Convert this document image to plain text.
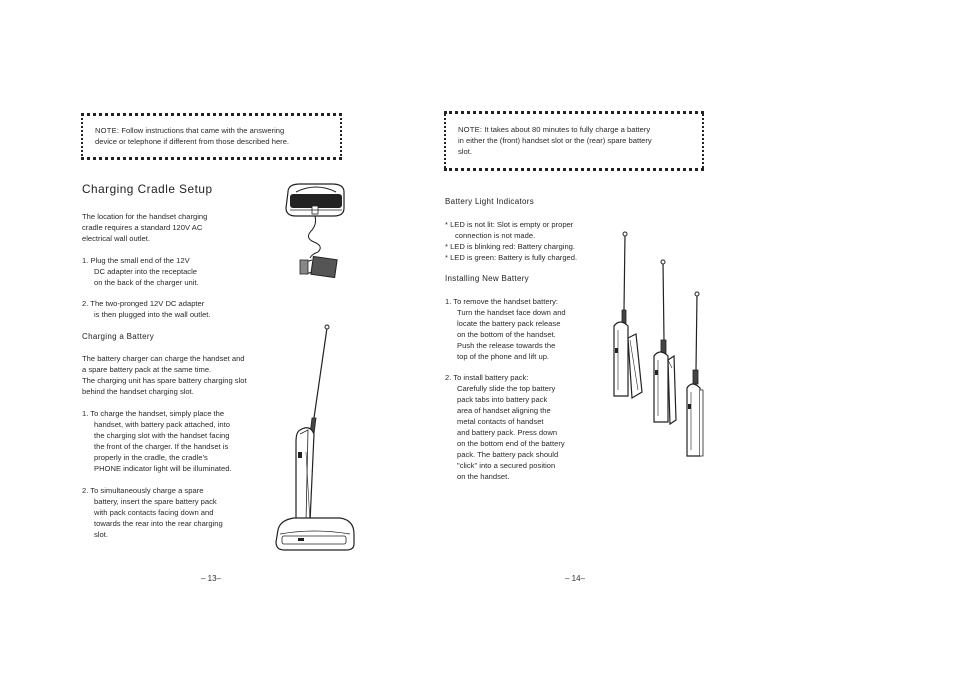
NOTE: Follow instructions that came with the answering
device or telephone if different from those described here.
Charging Cradle Setup
The location for the handset charging
cradle requires a standard 120V AC
electrical wall outlet.
1. Plug the small end of the 12V
DC adapter into the receptacle
on the back of the charger unit.
2. The two-pronged 12V DC adapter
is then plugged into the wall outlet.
Charging a Battery
The battery charger can charge the handset and
a spare battery pack at the same time.
The charging unit has spare battery charging slot
behind the handset charging slot.
1. To charge the handset, simply place the
handset, with battery pack attached, into
the charging slot with the handset facing
the front of the charger. If the handset is
properly in the cradle, the cradle’s
PHONE indicator light will be illuminated.
2. To simultaneously charge a spare
battery, insert the spare battery pack
with pack contacts facing down and
towards the rear into the rear charging
slot.
– 13–
NOTE: It takes about 80 minutes to fully charge a battery
in either the (front) handset slot or the (rear) spare battery
slot.
Battery Light Indicators
* LED is not lit: Slot is empty or proper
connection is not made.
* LED is blinking red: Battery charging.
* LED is green: Battery is fully charged.
Installing New Battery
1. To remove the handset battery:
Turn the handset face down and
locate the battery pack release
on the bottom of the handset.
Push the release towards the
top of the phone and lift up.
2. To install battery pack:
Carefully slide the top battery
pack tabs into battery pack
area of handset aligning the
metal contacts of handset
and battery pack. Press down
on the bottom end of the battery
pack. The battery pack should
"click" into a secured position
on the handset.
– 14–
